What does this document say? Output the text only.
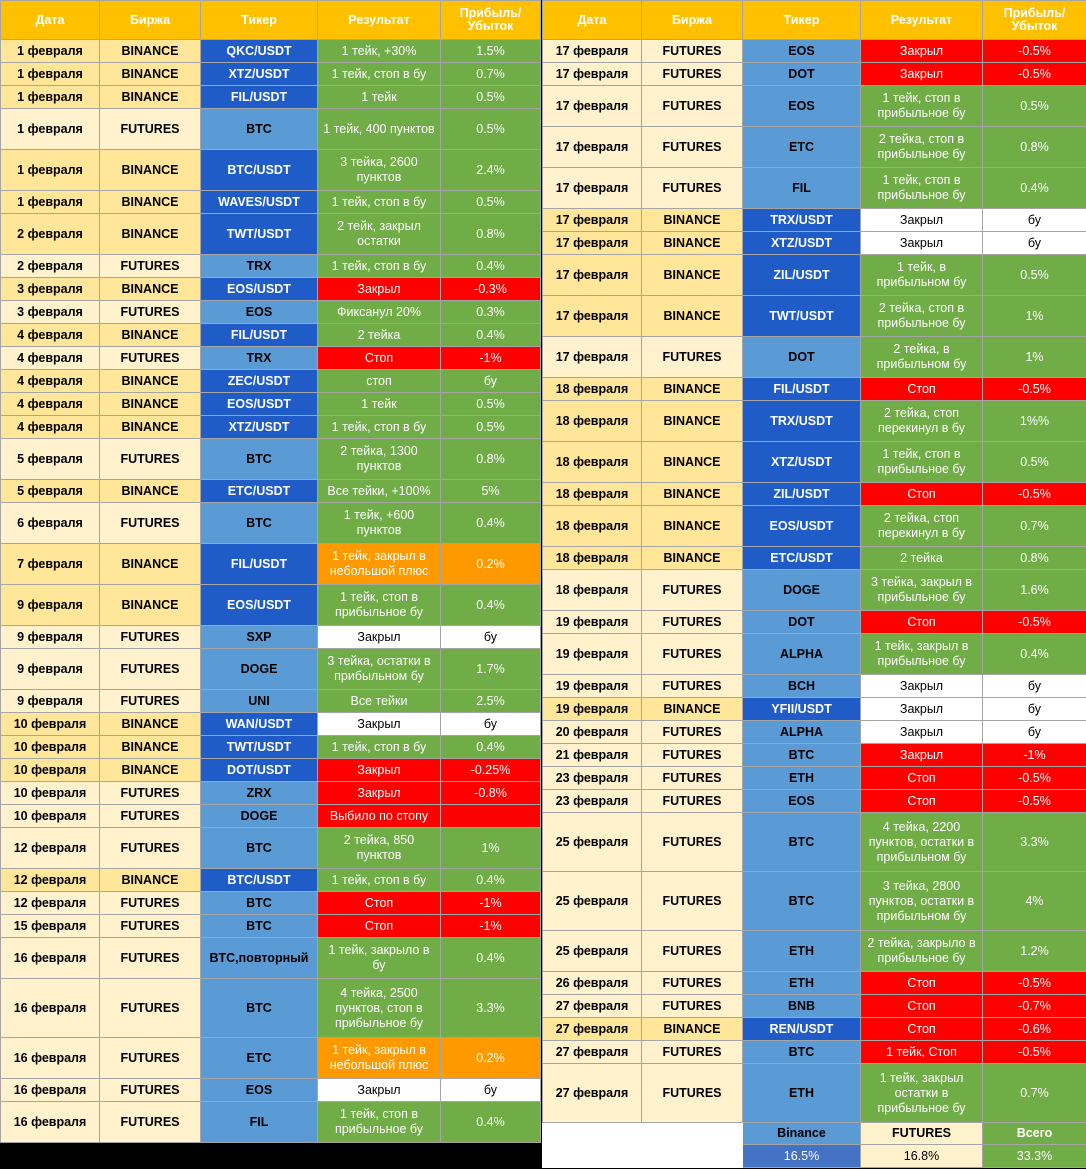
Дата	Биржа	Тикер	Результат	Прибыль/Убыток
1 февраля	BINANCE	QKC/USDT	1 тейк, +30%	1.5%
1 февраля	BINANCE	XTZ/USDT	1 тейк, стоп в бу	0.7%
1 февраля	BINANCE	FIL/USDT	1 тейк	0.5%
1 февраля	FUTURES	BTC	1 тейк, 400 пунктов	0.5%
1 февраля	BINANCE	BTC/USDT	3 тейка, 2600 пунктов	2.4%
1 февраля	BINANCE	WAVES/USDT	1 тейк, стоп в бу	0.5%
2 февраля	BINANCE	TWT/USDT	2 тейк, закрыл остатки	0.8%
2 февраля	FUTURES	TRX	1 тейк, стоп в бу	0.4%
3 февраля	BINANCE	EOS/USDT	Закрыл	-0.3%
3 февраля	FUTURES	EOS	Фиксанул 20%	0.3%
4 февраля	BINANCE	FIL/USDT	2 тейка	0.4%
4 февраля	FUTURES	TRX	Стоп	-1%
4 февраля	BINANCE	ZEC/USDT	стоп	бу
4 февраля	BINANCE	EOS/USDT	1 тейк	0.5%
4 февраля	BINANCE	XTZ/USDT	1 тейк, стоп в бу	0.5%
5 февраля	FUTURES	BTC	2 тейка, 1300 пунктов	0.8%
5 февраля	BINANCE	ETC/USDT	Все тейки, +100%	5%
6 февраля	FUTURES	BTC	1 тейк, +600 пунктов	0.4%
7 февраля	BINANCE	FIL/USDT	1 тейк, закрыл в небольшой плюс	0.2%
9 февраля	BINANCE	EOS/USDT	1 тейк, стоп в прибыльное бу	0.4%
9 февраля	FUTURES	SXP	Закрыл	бу
9 февраля	FUTURES	DOGE	3 тейка, остатки в прибыльном бу	1.7%
9 февраля	FUTURES	UNI	Все тейки	2.5%
10 февраля	BINANCE	WAN/USDT	Закрыл	бу
10 февраля	BINANCE	TWT/USDT	1 тейк, стоп в бу	0.4%
10 февраля	BINANCE	DOT/USDT	Закрыл	-0.25%
10 февраля	FUTURES	ZRX	Закрыл	-0.8%
10 февраля	FUTURES	DOGE	Выбило по стопу	
12 февраля	FUTURES	BTC	2 тейка, 850 пунктов	1%
12 февраля	BINANCE	BTC/USDT	1 тейк, стоп в бу	0.4%
12 февраля	FUTURES	BTC	Стоп	-1%
15 февраля	FUTURES	BTC	Стоп	-1%
16 февраля	FUTURES	BTC,повторный	1 тейк, закрыло в бу	0.4%
16 февраля	FUTURES	BTC	4 тейка, 2500 пунктов, стоп в прибыльное бу	3.3%
16 февраля	FUTURES	ETC	1 тейк, закрыл в небольшой плюс	0.2%
16 февраля	FUTURES	EOS	Закрыл	бу
16 февраля	FUTURES	FIL	1 тейк, стоп в прибыльное бу	0.4%
Дата	Биржа	Тикер	Результат	Прибыль/Убыток
17 февраля	FUTURES	EOS	Закрыл	-0.5%
17 февраля	FUTURES	DOT	Закрыл	-0.5%
17 февраля	FUTURES	EOS	1 тейк, стоп в прибыльное бу	0.5%
17 февраля	FUTURES	ETC	2 тейка, стоп в прибыльное бу	0.8%
17 февраля	FUTURES	FIL	1 тейк, стоп в прибыльное бу	0.4%
17 февраля	BINANCE	TRX/USDT	Закрыл	бу
17 февраля	BINANCE	XTZ/USDT	Закрыл	бу
17 февраля	BINANCE	ZIL/USDT	1 тейк, в прибыльном бу	0.5%
17 февраля	BINANCE	TWT/USDT	2 тейка, стоп в прибыльное бу	1%
17 февраля	FUTURES	DOT	2 тейка, в прибыльном бу	1%
18 февраля	BINANCE	FIL/USDT	Стоп	-0.5%
18 февраля	BINANCE	TRX/USDT	2 тейка, стоп перекинул в бу	1%%
18 февраля	BINANCE	XTZ/USDT	1 тейк, стоп в прибыльное бу	0.5%
18 февраля	BINANCE	ZIL/USDT	Стоп	-0.5%
18 февраля	BINANCE	EOS/USDT	2 тейка, стоп перекинул в бу	0.7%
18 февраля	BINANCE	ETC/USDT	2 тейка	0.8%
18 февраля	FUTURES	DOGE	3 тейка, закрыл в прибыльное бу	1.6%
19 февраля	FUTURES	DOT	Стоп	-0.5%
19 февраля	FUTURES	ALPHA	1 тейк, закрыл в прибыльное бу	0.4%
19 февраля	FUTURES	BCH	Закрыл	бу
19 февраля	BINANCE	YFII/USDT	Закрыл	бу
20 февраля	FUTURES	ALPHA	Закрыл	бу
21 февраля	FUTURES	BTC	Закрыл	-1%
23 февраля	FUTURES	ETH	Стоп	-0.5%
23 февраля	FUTURES	EOS	Стоп	-0.5%
25 февраля	FUTURES	BTC	4 тейка, 2200 пунктов, остатки в прибыльном бу	3.3%
25 февраля	FUTURES	BTC	3 тейка, 2800 пунктов, остатки в прибыльном бу	4%
25 февраля	FUTURES	ETH	2 тейка, закрыло в прибыльное бу	1.2%
26 февраля	FUTURES	ETH	Стоп	-0.5%
27 февраля	FUTURES	BNB	Стоп	-0.7%
27 февраля	BINANCE	REN/USDT	Стоп	-0.6%
27 февраля	FUTURES	BTC	1 тейк, Стоп	-0.5%
27 февраля	FUTURES	ETH	1 тейк, закрыл остатки в прибыльное бу	0.7%
		Binance	FUTURES	Всего
		16.5%	16.8%	33.3%
